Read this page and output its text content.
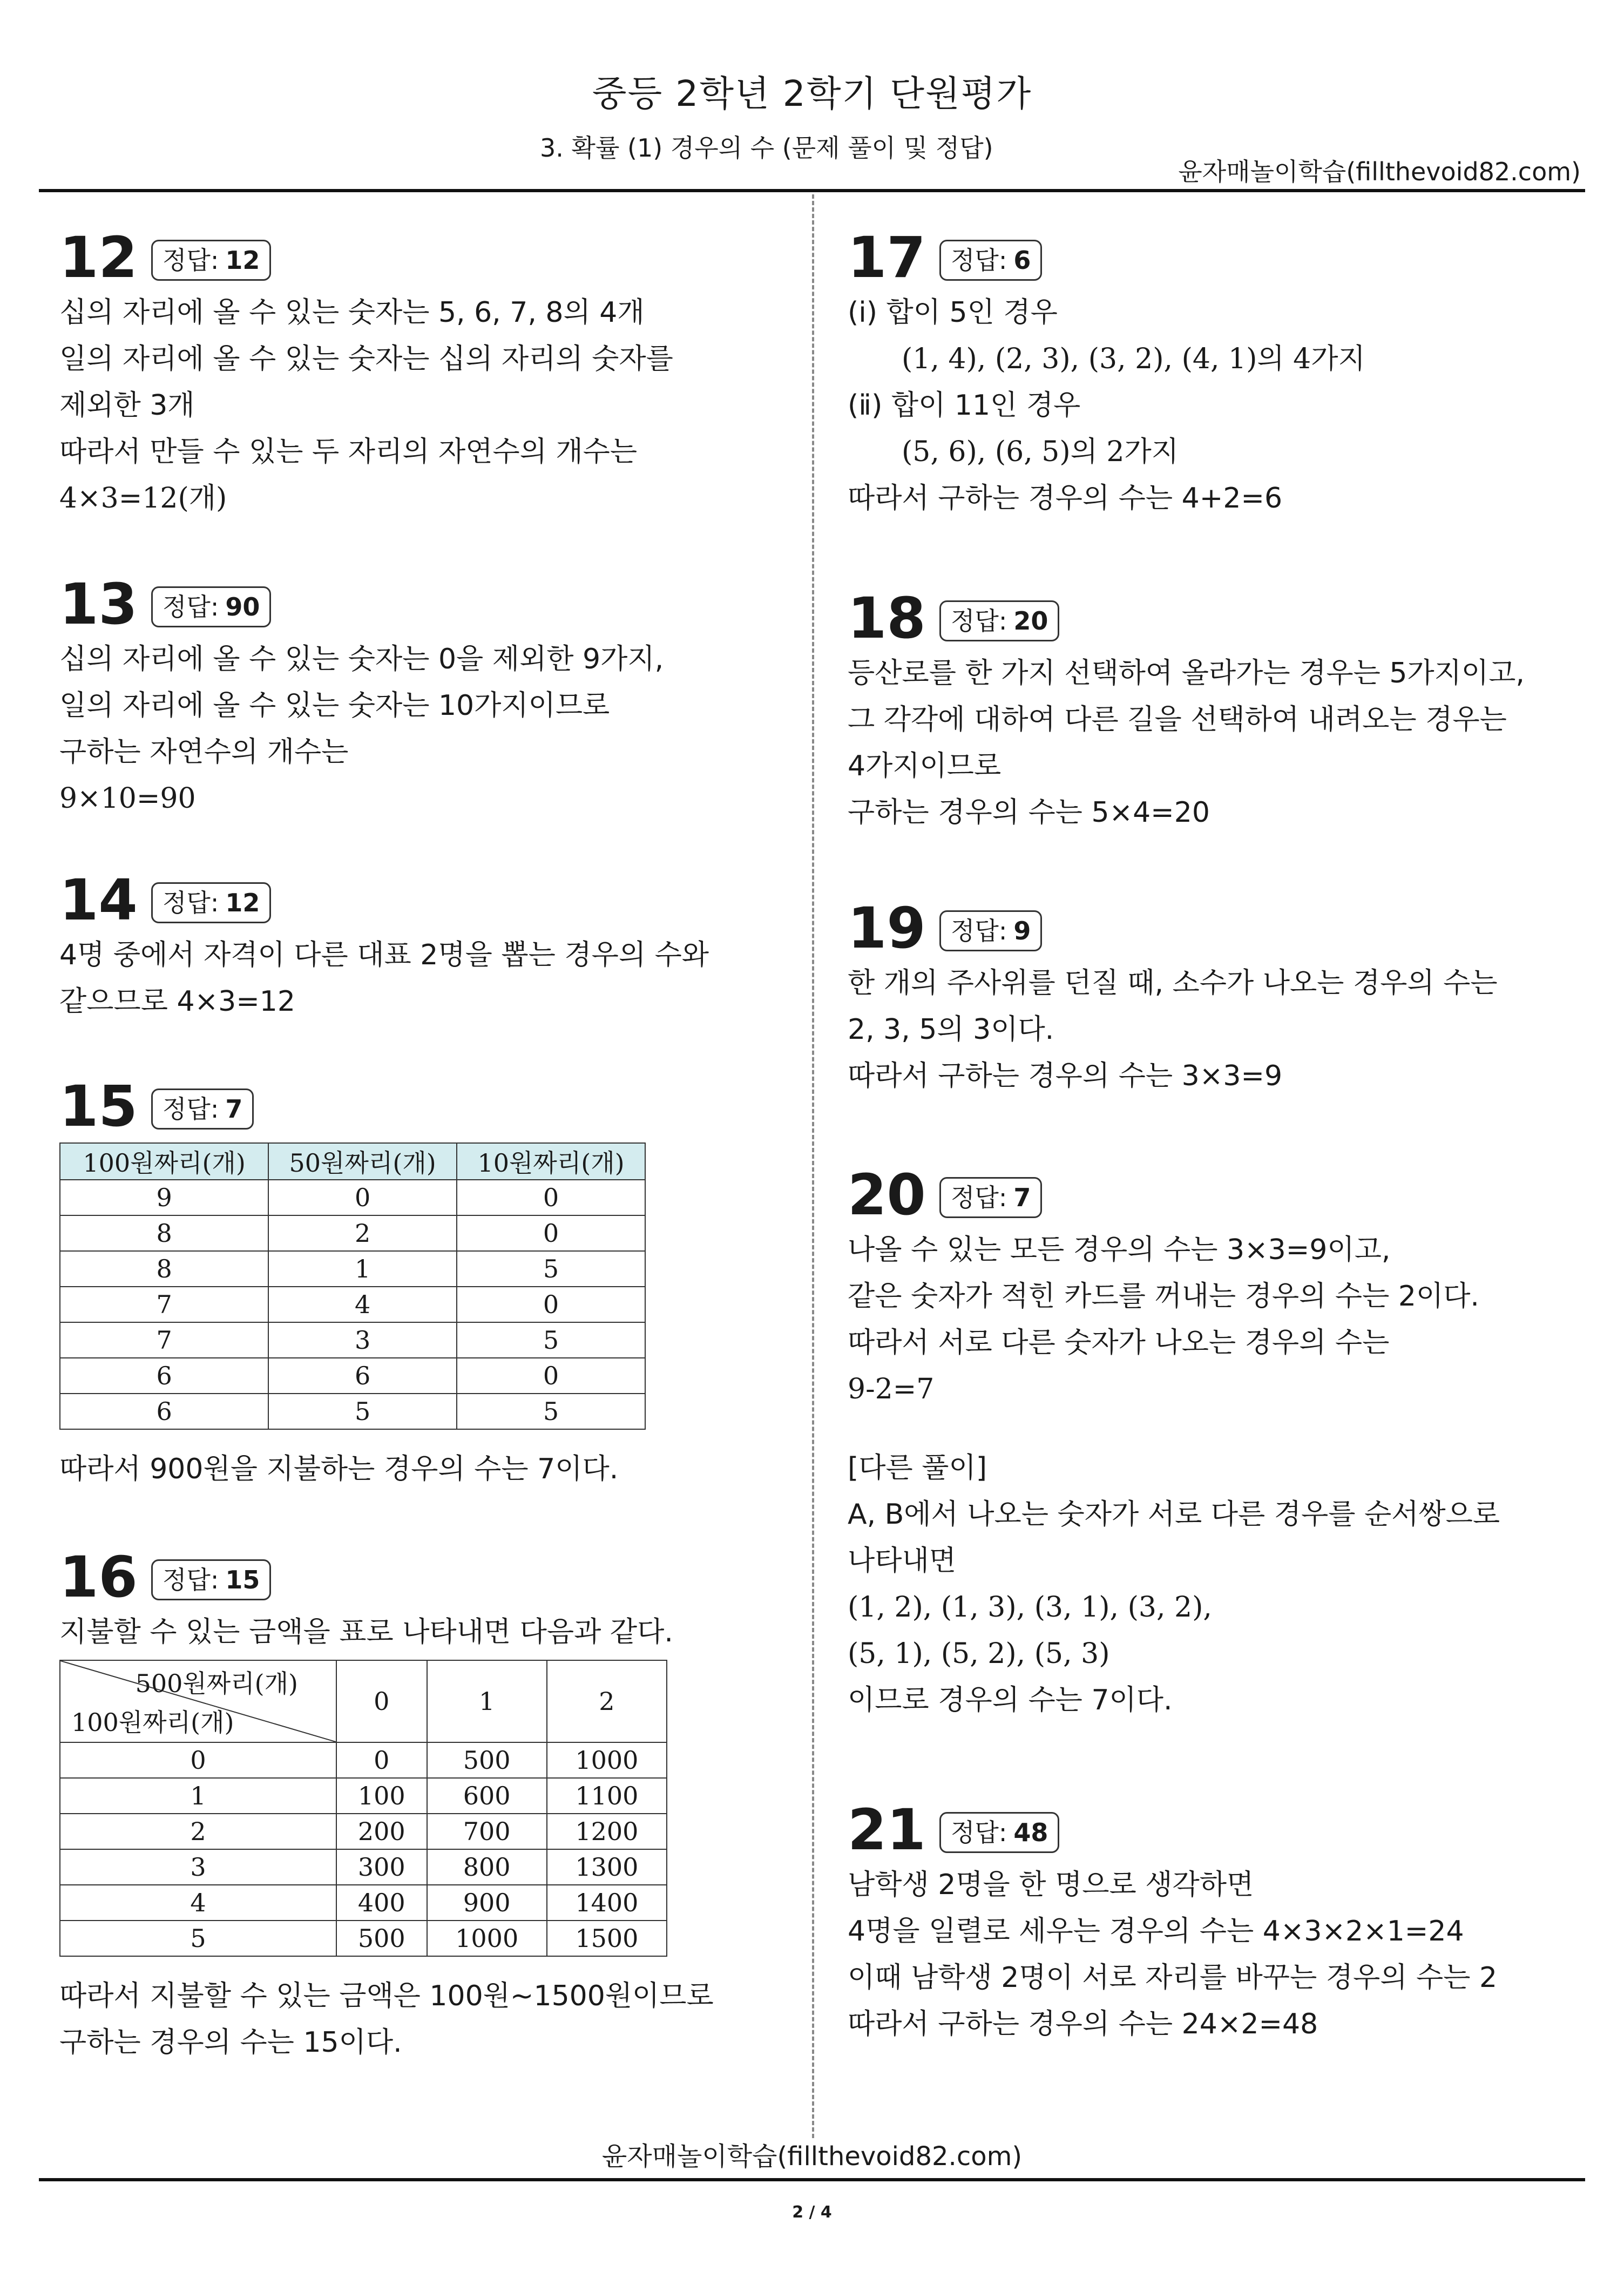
중등 2학년 2학기 단원평가
3. 확률 (1) 경우의 수 (문제 풀이 및 정답)
윤자매놀이학습(fillthevoid82.com)
12	정답: 12
십의 자리에 올 수 있는 숫자는 5, 6, 7, 8의 4개
일의 자리에 올 수 있는 숫자는 십의 자리의 숫자를
제외한 3개
따라서 만들 수 있는 두 자리의 자연수의 개수는
4×3=12(개)
13	정답: 90
십의 자리에 올 수 있는 숫자는 0을 제외한 9가지,
일의 자리에 올 수 있는 숫자는 10가지이므로
구하는 자연수의 개수는
9×10=90
14	정답: 12
4명 중에서 자격이 다른 대표 2명을 뽑는 경우의 수와
같으므로 4×3=12
15	정답: 7
100원짜리(개)	50원짜리(개)	10원짜리(개)
9	0	0
8	2	0
8	1	5
7	4	0
7	3	5
6	6	0
6	5	5
따라서 900원을 지불하는 경우의 수는 7이다.
16	정답: 15
지불할 수 있는 금액을 표로 나타내면 다음과 같다.
500원짜리(개)
100원짜리(개)	0	1	2
0	0	500	1000
1	100	600	1100
2	200	700	1200
3	300	800	1300
4	400	900	1400
5	500	1000	1500
따라서 지불할 수 있는 금액은 100원~1500원이므로
구하는 경우의 수는 15이다.
17	정답: 6
(ⅰ) 합이 5인 경우
(1, 4), (2, 3), (3, 2), (4, 1)의 4가지
(ⅱ) 합이 11인 경우
(5, 6), (6, 5)의 2가지
따라서 구하는 경우의 수는 4+2=6
18	정답: 20
등산로를 한 가지 선택하여 올라가는 경우는 5가지이고,
그 각각에 대하여 다른 길을 선택하여 내려오는 경우는
4가지이므로
구하는 경우의 수는 5×4=20
19	정답: 9
한 개의 주사위를 던질 때, 소수가 나오는 경우의 수는
2, 3, 5의 3이다.
따라서 구하는 경우의 수는 3×3=9
20	정답: 7
나올 수 있는 모든 경우의 수는 3×3=9이고,
같은 숫자가 적힌 카드를 꺼내는 경우의 수는 2이다.
따라서 서로 다른 숫자가 나오는 경우의 수는
9-2=7
[다른 풀이]
A, B에서 나오는 숫자가 서로 다른 경우를 순서쌍으로
나타내면
(1, 2), (1, 3), (3, 1), (3, 2),
(5, 1), (5, 2), (5, 3)
이므로 경우의 수는 7이다.
21	정답: 48
남학생 2명을 한 명으로 생각하면
4명을 일렬로 세우는 경우의 수는 4×3×2×1=24
이때 남학생 2명이 서로 자리를 바꾸는 경우의 수는 2
따라서 구하는 경우의 수는 24×2=48
윤자매놀이학습(fillthevoid82.com)
2 / 4
